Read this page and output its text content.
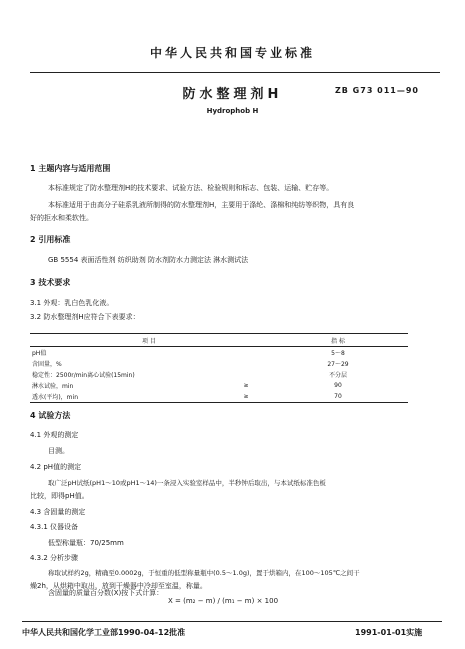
中华人民共和国专业标准
防水整理剂H	ZB G73 011—90
Hydrophob H
1 主题内容与适用范围
本标准规定了防水整理剂H的技术要求、试验方法、检验规则和标志、包装、运输、贮存等。
本标准适用于由高分子硅系乳液所制得的防水整理剂H，主要用于涤纶、涤棉和纯纺等织物，具有良
好的拒水和柔软性。
2 引用标准
GB 5554 表面活性剂 纺织助剂 防水剂防水力测定法 淋水测试法
3 技术要求
3.1 外观：乳白色乳化液。
3.2 防水整理剂H应符合下表要求：
项 目		指 标
pH值		5～8
含固量，%		27～29
稳定性：2500r/min离心试验(15min)		不分层
淋水试验，min	≥	90
透水(平均)，min	≥	70
4 试验方法
4.1 外观的测定
目测。
4.2 pH值的测定
取广泛pH试纸(pH1～10或pH1～14)一条浸入实验室样品中，半秒钟后取出，与本试纸标准色板
比较，即得pH值。
4.3 含固量的测定
4.3.1 仪器设备
低型称量瓶：70/25mm
4.3.2 分析步骤
称取试样约2g，精确至0.0002g，于恒重的低型称量瓶中(0.5～1.0g)，置于烘箱内，在100～105℃之间干
燥2h，从烘箱中取出，放到干燥器中冷却至室温，称量。
含固量的质量百分数(X)按下式计算：
X = (m₂ − m) / (m₁ − m) × 100
中华人民共和国化学工业部1990-04-12批准	1991-01-01实施
